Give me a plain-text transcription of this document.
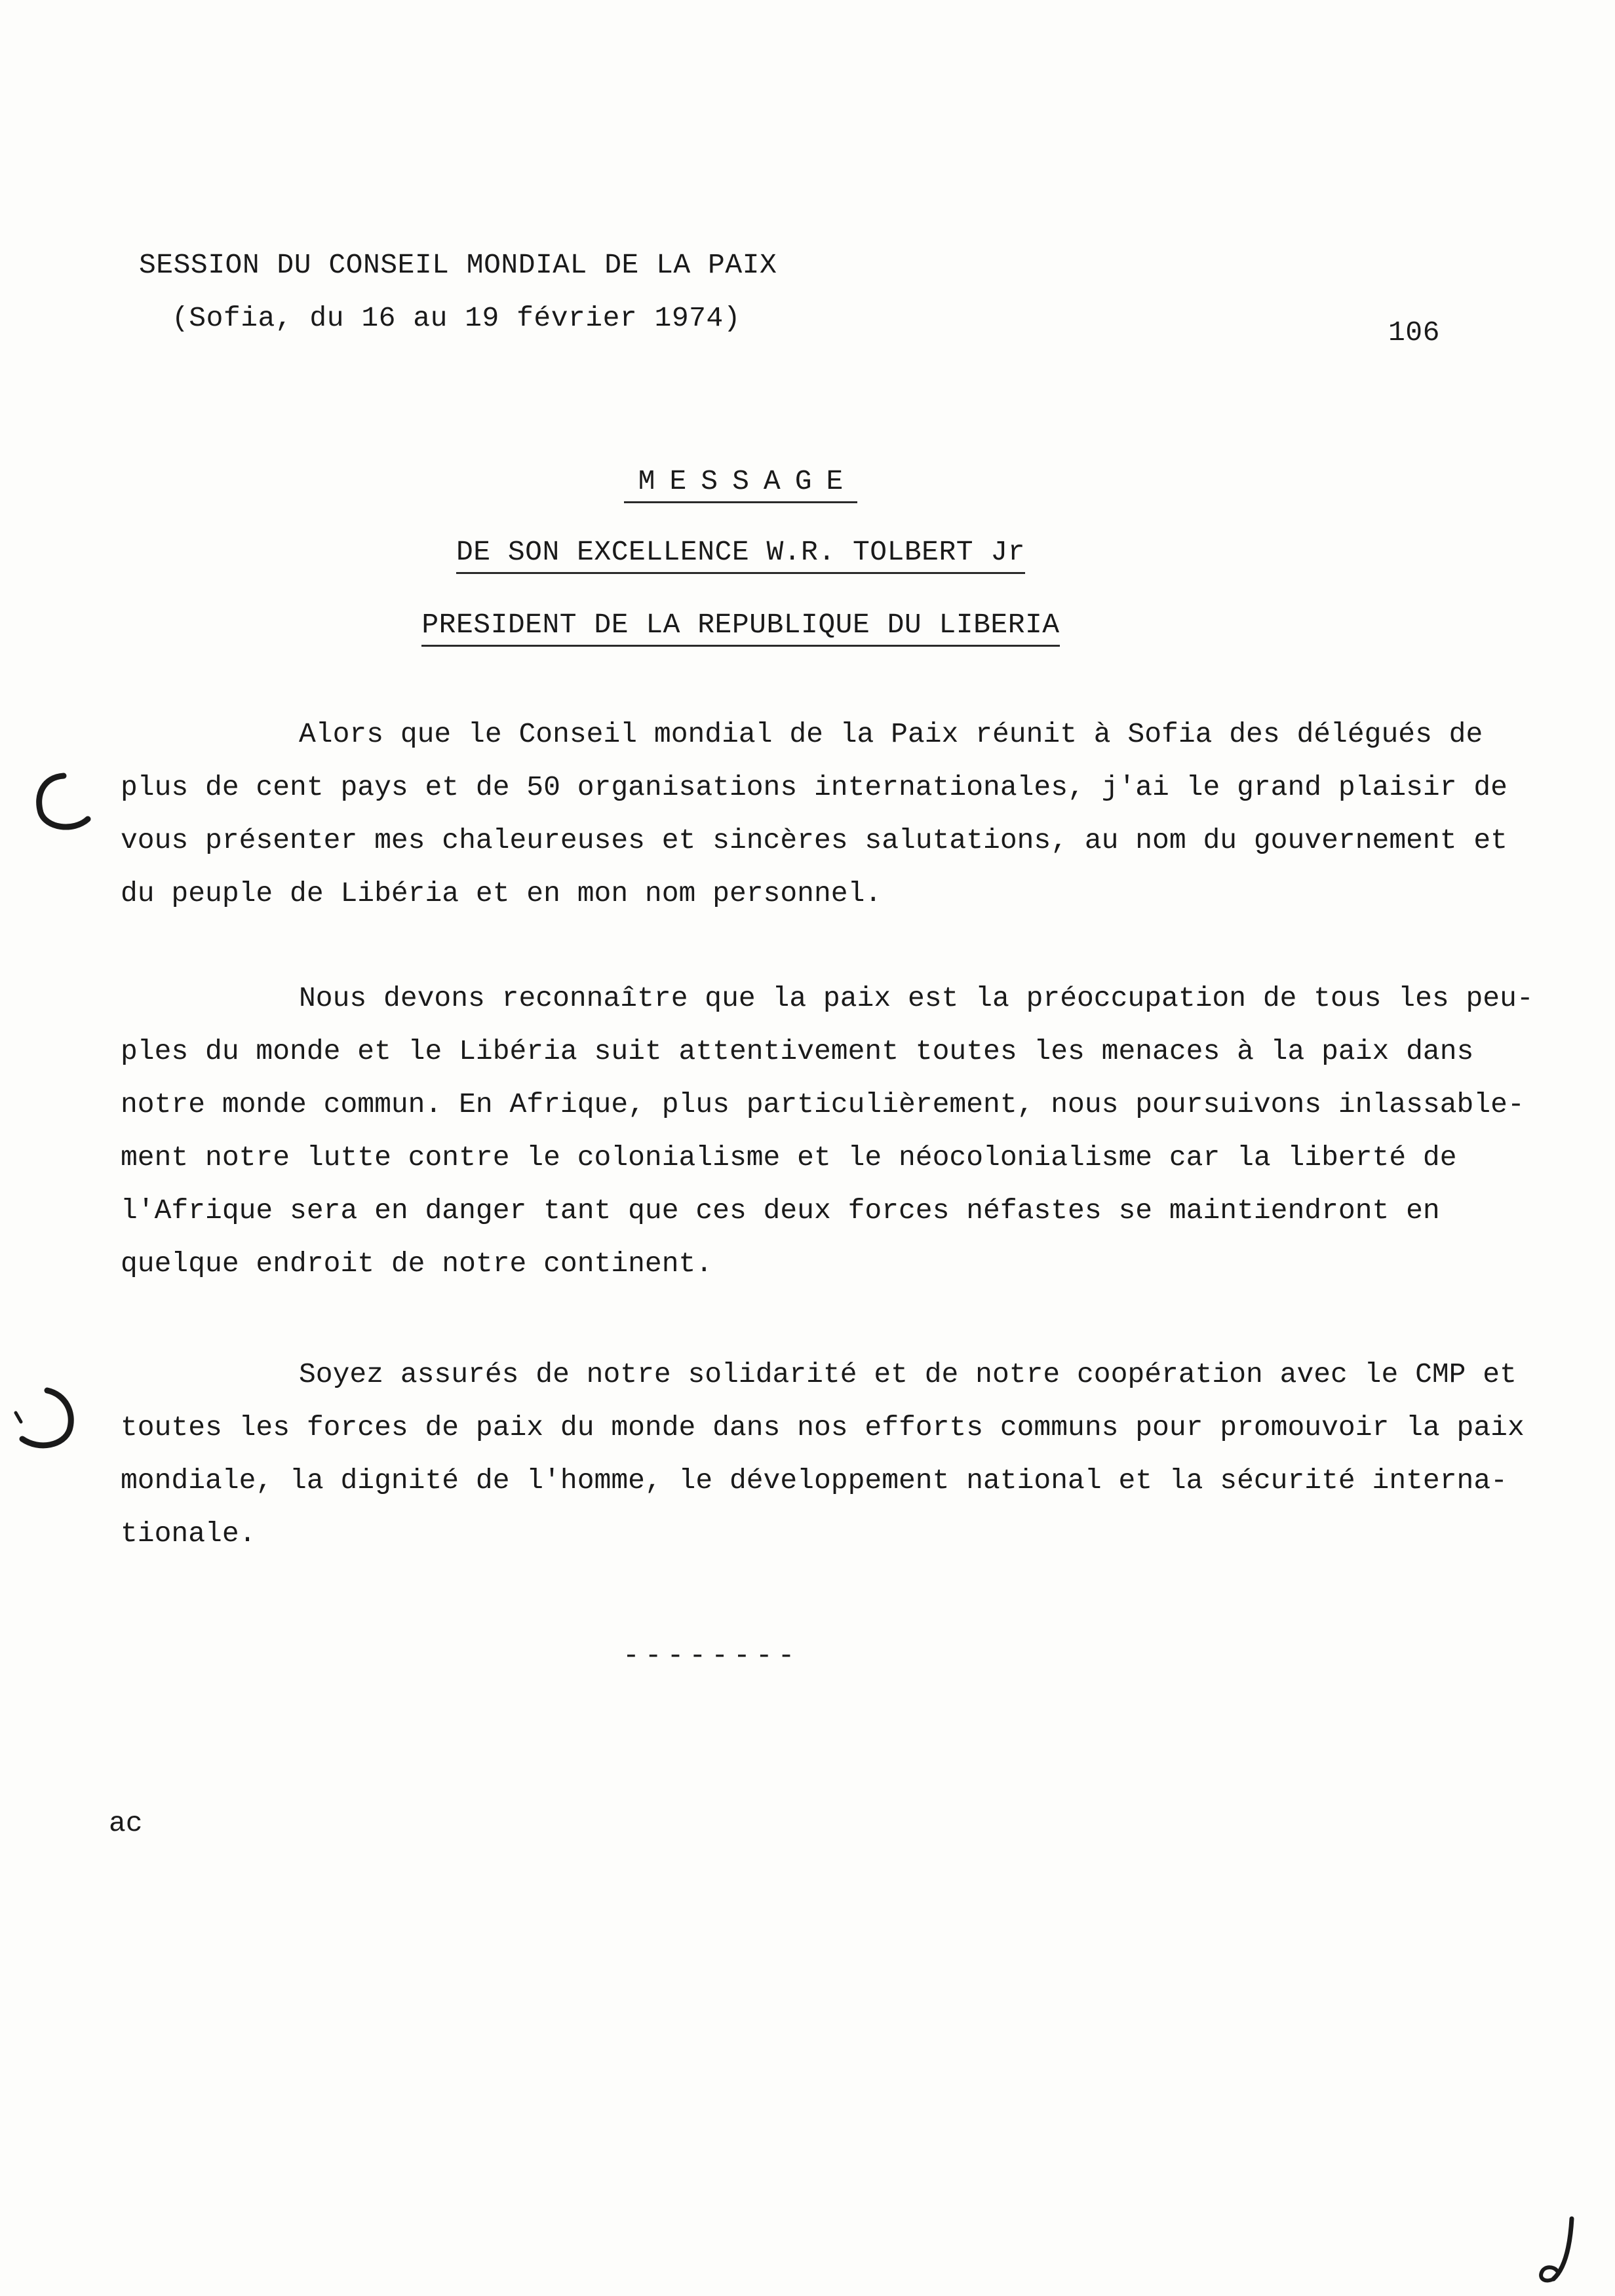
SESSION DU CONSEIL MONDIAL DE LA PAIX
(Sofia, du 16 au 19 février 1974)	106
MESSAGE
DE SON EXCELLENCE W.R. TOLBERT Jr
PRESIDENT DE LA REPUBLIQUE DU LIBERIA
Alors que le Conseil mondial de la Paix réunit à Sofia des délégués de
plus de cent pays et de 50 organisations internationales, j'ai le grand plaisir de
vous présenter mes chaleureuses et sincères salutations, au nom du gouvernement et
du peuple de Libéria et en mon nom personnel.
Nous devons reconnaître que la paix est la préoccupation de tous les peu-
ples du monde et le Libéria suit attentivement toutes les menaces à la paix dans
notre monde commun. En Afrique, plus particulièrement, nous poursuivons inlassable-
ment notre lutte contre le colonialisme et le néocolonialisme car la liberté de
l'Afrique sera en danger tant que ces deux forces néfastes se maintiendront en
quelque endroit de notre continent.
Soyez assurés de notre solidarité et de notre coopération avec le CMP et
toutes les forces de paix du monde dans nos efforts communs pour promouvoir la paix
mondiale, la dignité de l'homme, le développement national et la sécurité interna-
tionale.
--------
ac
